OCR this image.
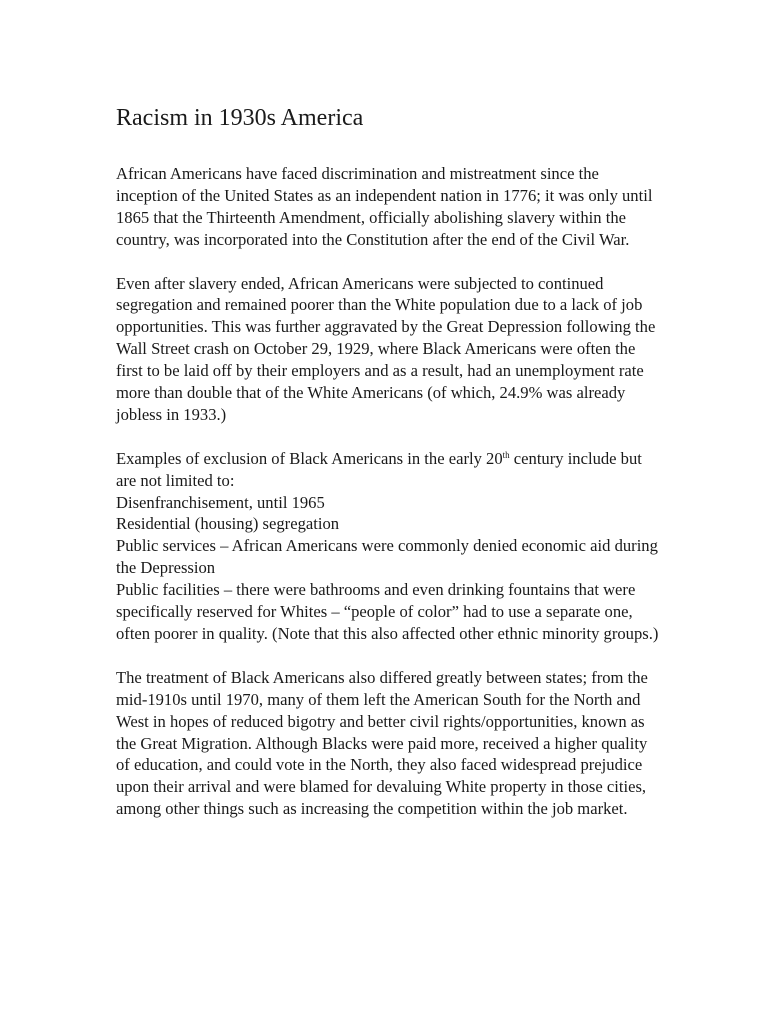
Racism in 1930s America

African Americans have faced discrimination and mistreatment since the inception of the United States as an independent nation in 1776; it was only until 1865 that the Thirteenth Amendment, officially abolishing slavery within the country, was incorporated into the Constitution after the end of the Civil War.

Even after slavery ended, African Americans were subjected to continued segregation and remained poorer than the White population due to a lack of job opportunities. This was further aggravated by the Great Depression following the Wall Street crash on October 29, 1929, where Black Americans were often the first to be laid off by their employers and as a result, had an unemployment rate more than double that of the White Americans (of which, 24.9% was already jobless in 1933.)

Examples of exclusion of Black Americans in the early 20th century include but are not limited to:

Disenfranchisement, until 1965

Residential (housing) segregation

Public services – African Americans were commonly denied economic aid during the Depression

Public facilities – there were bathrooms and even drinking fountains that were specifically reserved for Whites – “people of color” had to use a separate one, often poorer in quality. (Note that this also affected other ethnic minority groups.)

The treatment of Black Americans also differed greatly between states; from the mid-1910s until 1970, many of them left the American South for the North and West in hopes of reduced bigotry and better civil rights/opportunities, known as the Great Migration. Although Blacks were paid more, received a higher quality of education, and could vote in the North, they also faced widespread prejudice upon their arrival and were blamed for devaluing White property in those cities, among other things such as increasing the competition within the job market.
